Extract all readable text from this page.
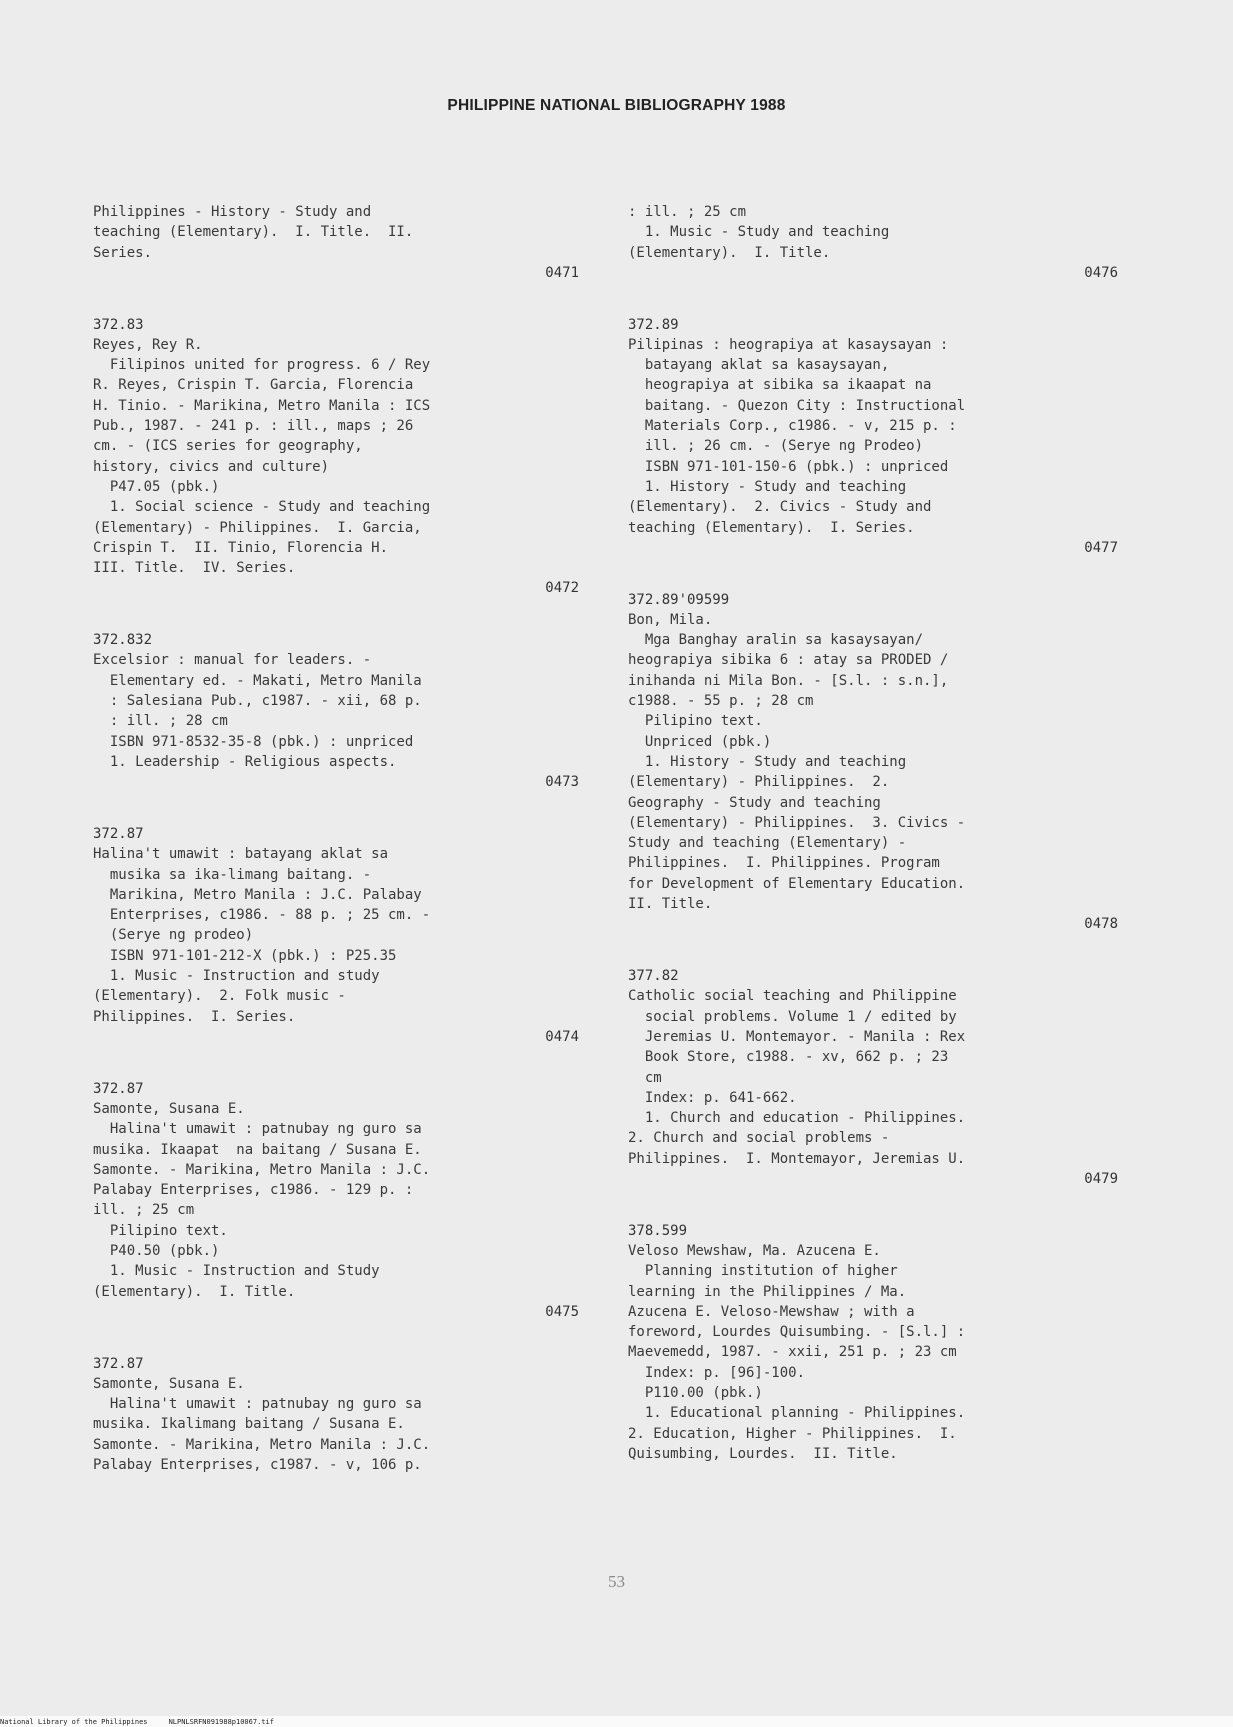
PHILIPPINE NATIONAL BIBLIOGRAPHY 1988
Philippines - History - Study and
teaching (Elementary).  I. Title.  II.
Series.
0471
372.83
Reyes, Rey R.
Filipinos united for progress. 6 / Rey
R. Reyes, Crispin T. Garcia, Florencia
H. Tinio. - Marikina, Metro Manila : ICS
Pub., 1987. - 241 p. : ill., maps ; 26
cm. - (ICS series for geography,
history, civics and culture)
P47.05 (pbk.)
1. Social science - Study and teaching
(Elementary) - Philippines.  I. Garcia,
Crispin T.  II. Tinio, Florencia H.
III. Title.  IV. Series.
0472
372.832
Excelsior : manual for leaders. -
Elementary ed. - Makati, Metro Manila
: Salesiana Pub., c1987. - xii, 68 p.
: ill. ; 28 cm
ISBN 971-8532-35-8 (pbk.) : unpriced
1. Leadership - Religious aspects.
0473
372.87
Halina't umawit : batayang aklat sa
musika sa ika-limang baitang. -
Marikina, Metro Manila : J.C. Palabay
Enterprises, c1986. - 88 p. ; 25 cm. -
(Serye ng prodeo)
ISBN 971-101-212-X (pbk.) : P25.35
1. Music - Instruction and study
(Elementary).  2. Folk music -
Philippines.  I. Series.
0474
372.87
Samonte, Susana E.
Halina't umawit : patnubay ng guro sa
musika. Ikaapat  na baitang / Susana E.
Samonte. - Marikina, Metro Manila : J.C.
Palabay Enterprises, c1986. - 129 p. :
ill. ; 25 cm
Pilipino text.
P40.50 (pbk.)
1. Music - Instruction and Study
(Elementary).  I. Title.
0475
372.87
Samonte, Susana E.
Halina't umawit : patnubay ng guro sa
musika. Ikalimang baitang / Susana E.
Samonte. - Marikina, Metro Manila : J.C.
Palabay Enterprises, c1987. - v, 106 p.
: ill. ; 25 cm
1. Music - Study and teaching
(Elementary).  I. Title.
0476
372.89
Pilipinas : heograpiya at kasaysayan :
batayang aklat sa kasaysayan,
heograpiya at sibika sa ikaapat na
baitang. - Quezon City : Instructional
Materials Corp., c1986. - v, 215 p. :
ill. ; 26 cm. - (Serye ng Prodeo)
ISBN 971-101-150-6 (pbk.) : unpriced
1. History - Study and teaching
(Elementary).  2. Civics - Study and
teaching (Elementary).  I. Series.
0477
372.89'09599
Bon, Mila.
Mga Banghay aralin sa kasaysayan/
heograpiya sibika 6 : atay sa PRODED /
inihanda ni Mila Bon. - [S.l. : s.n.],
c1988. - 55 p. ; 28 cm
Pilipino text.
Unpriced (pbk.)
1. History - Study and teaching
(Elementary) - Philippines.  2.
Geography - Study and teaching
(Elementary) - Philippines.  3. Civics -
Study and teaching (Elementary) -
Philippines.  I. Philippines. Program
for Development of Elementary Education.
II. Title.
0478
377.82
Catholic social teaching and Philippine
social problems. Volume 1 / edited by
Jeremias U. Montemayor. - Manila : Rex
Book Store, c1988. - xv, 662 p. ; 23
cm
Index: p. 641-662.
1. Church and education - Philippines.
2. Church and social problems -
Philippines.  I. Montemayor, Jeremias U.
0479
378.599
Veloso Mewshaw, Ma. Azucena E.
Planning institution of higher
learning in the Philippines / Ma.
Azucena E. Veloso-Mewshaw ; with a
foreword, Lourdes Quisumbing. - [S.l.] :
Maevemedd, 1987. - xxii, 251 p. ; 23 cm
Index: p. [96]-100.
P110.00 (pbk.)
1. Educational planning - Philippines.
2. Education, Higher - Philippines.  I.
Quisumbing, Lourdes.  II. Title.
53
National Library of the Philippines     NLPNLSRFN091988p10067.tif
